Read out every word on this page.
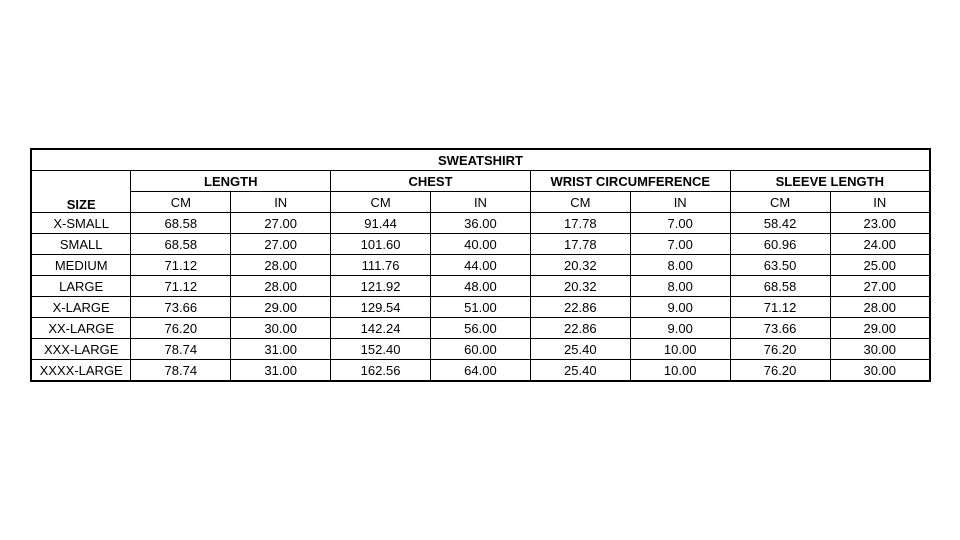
SWEATSHIRT								
SIZE	LENGTH		CHEST		WRIST CIRCUMFERENCE		SLEEVE LENGTH	
	CM	IN	CM	IN	CM	IN	CM	IN
X-SMALL	68.58	27.00	91.44	36.00	17.78	7.00	58.42	23.00
SMALL	68.58	27.00	101.60	40.00	17.78	7.00	60.96	24.00
MEDIUM	71.12	28.00	111.76	44.00	20.32	8.00	63.50	25.00
LARGE	71.12	28.00	121.92	48.00	20.32	8.00	68.58	27.00
X-LARGE	73.66	29.00	129.54	51.00	22.86	9.00	71.12	28.00
XX-LARGE	76.20	30.00	142.24	56.00	22.86	9.00	73.66	29.00
XXX-LARGE	78.74	31.00	152.40	60.00	25.40	10.00	76.20	30.00
XXXX-LARGE	78.74	31.00	162.56	64.00	25.40	10.00	76.20	30.00
